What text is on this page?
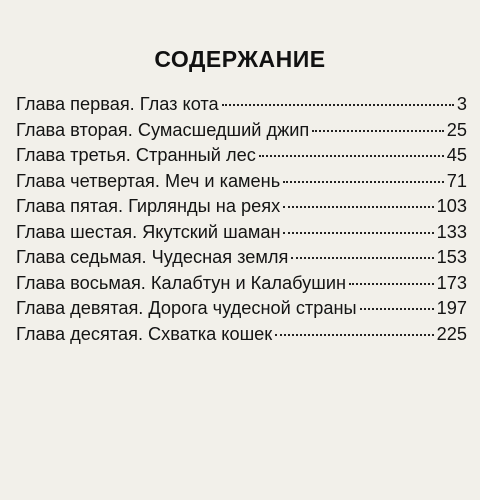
СОДЕРЖАНИЕ
Глава первая. Глаз кота	3
Глава вторая. Сумасшедший джип	25
Глава третья. Странный лес	45
Глава четвертая. Меч и камень	71
Глава пятая. Гирлянды на реях	103
Глава шестая. Якутский шаман	133
Глава седьмая. Чудесная земля	153
Глава восьмая. Калабтун и Калабушин	173
Глава девятая. Дорога чудесной страны	197
Глава десятая. Схватка кошек	225
